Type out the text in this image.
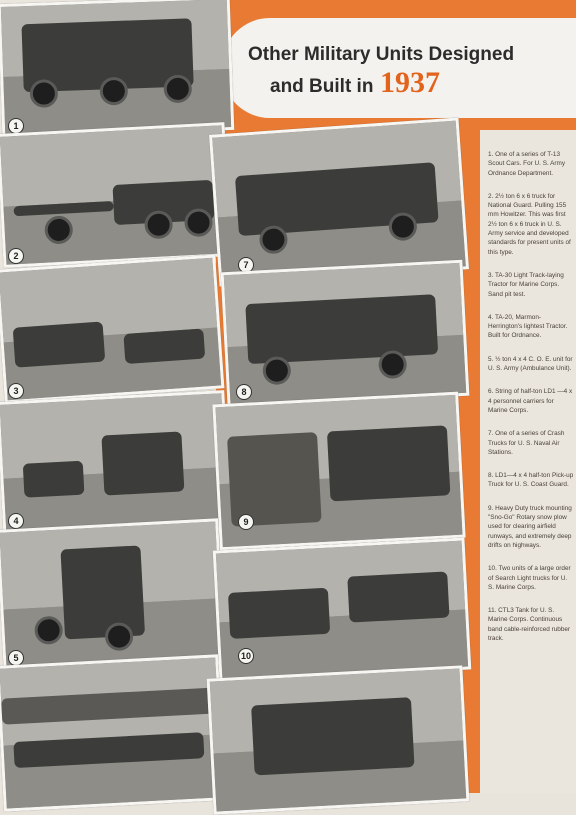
Other Military Units Designed
and Built in 1937
1
2
3
4
5
7
8
9
10
1. One of a series of T-13 Scout Cars. For U. S. Army Ordnance Department.
2. 2½ ton 6 x 6 truck for National Guard. Pulling 155 mm Howitzer. This was first 2½ ton 6 x 6 truck in U. S. Army service and developed standards for present units of this type.
3. TA-30 Light Track-laying Tractor for Marine Corps. Sand pit test.
4. TA-20, Marmon-Herrington's lightest Tractor. Built for Ordnance.
5. ½ ton 4 x 4 C. O. E. unit for U. S. Army (Ambulance Unit).
6. String of half-ton LD1 —4 x 4 personnel carriers for Marine Corps.
7. One of a series of Crash Trucks for U. S. Naval Air Stations.
8. LD1—4 x 4 half-ton Pick-up Truck for U. S. Coast Guard.
9. Heavy Duty truck mounting "Sno-Go" Rotary snow plow used for clearing airfield runways, and extremely deep drifts on highways.
10. Two units of a large order of Search Light trucks for U. S. Marine Corps.
11. CTL3 Tank for U. S. Marine Corps. Continuous band cable-reinforced rubber track.
